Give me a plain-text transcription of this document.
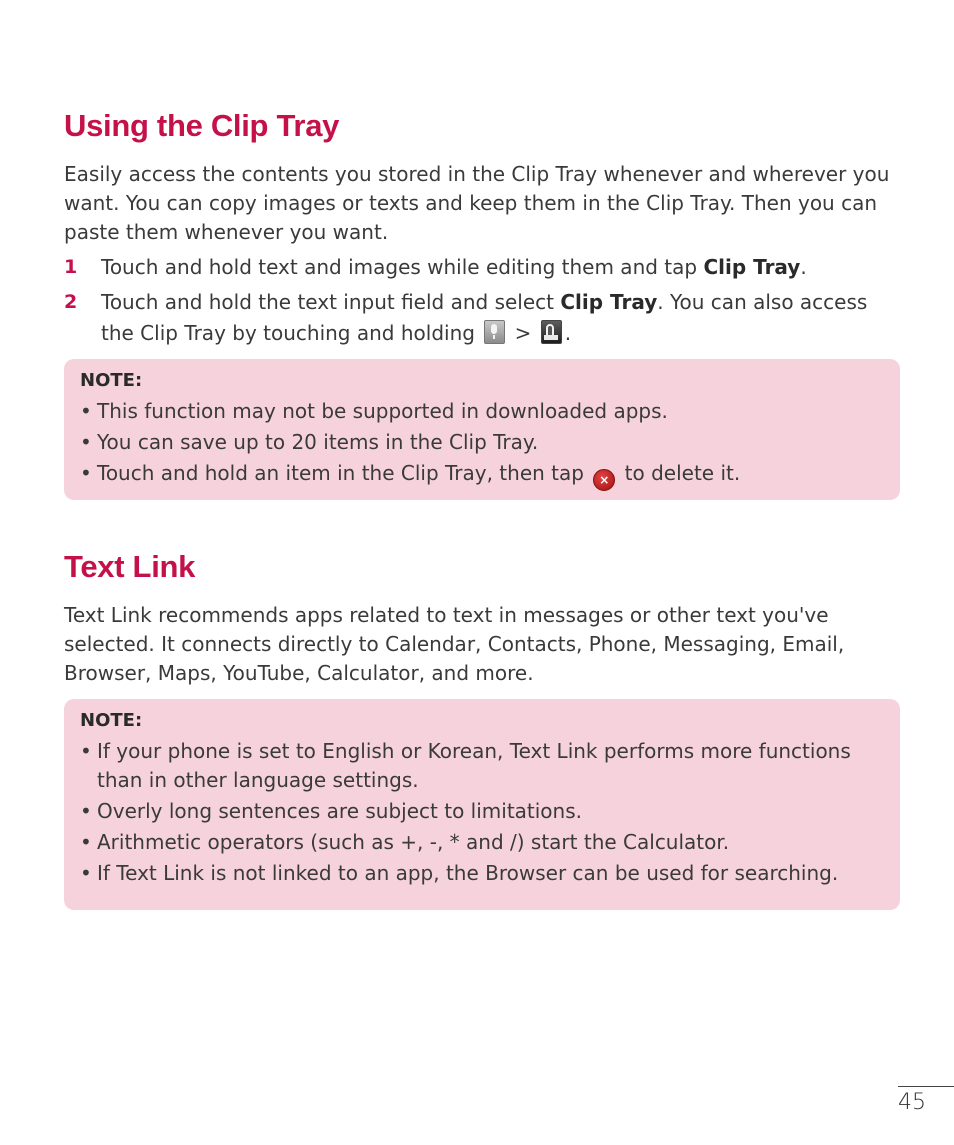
Using the Clip Tray
Easily access the contents you stored in the Clip Tray whenever and wherever you want. You can copy images or texts and keep them in the Clip Tray. Then you can paste them whenever you want.
1 Touch and hold text and images while editing them and tap Clip Tray.
2 Touch and hold the text input field and select Clip Tray. You can also access the Clip Tray by touching and holding  > .
NOTE:
• This function may not be supported in downloaded apps.
• You can save up to 20 items in the Clip Tray.
• Touch and hold an item in the Clip Tray, then tap × to delete it.
Text Link
Text Link recommends apps related to text in messages or other text you've selected. It connects directly to Calendar, Contacts, Phone, Messaging, Email, Browser, Maps, YouTube, Calculator, and more.
NOTE:
• If your phone is set to English or Korean, Text Link performs more functions than in other language settings.
• Overly long sentences are subject to limitations.
• Arithmetic operators (such as +, -, * and /) start the Calculator.
• If Text Link is not linked to an app, the Browser can be used for searching.
45
